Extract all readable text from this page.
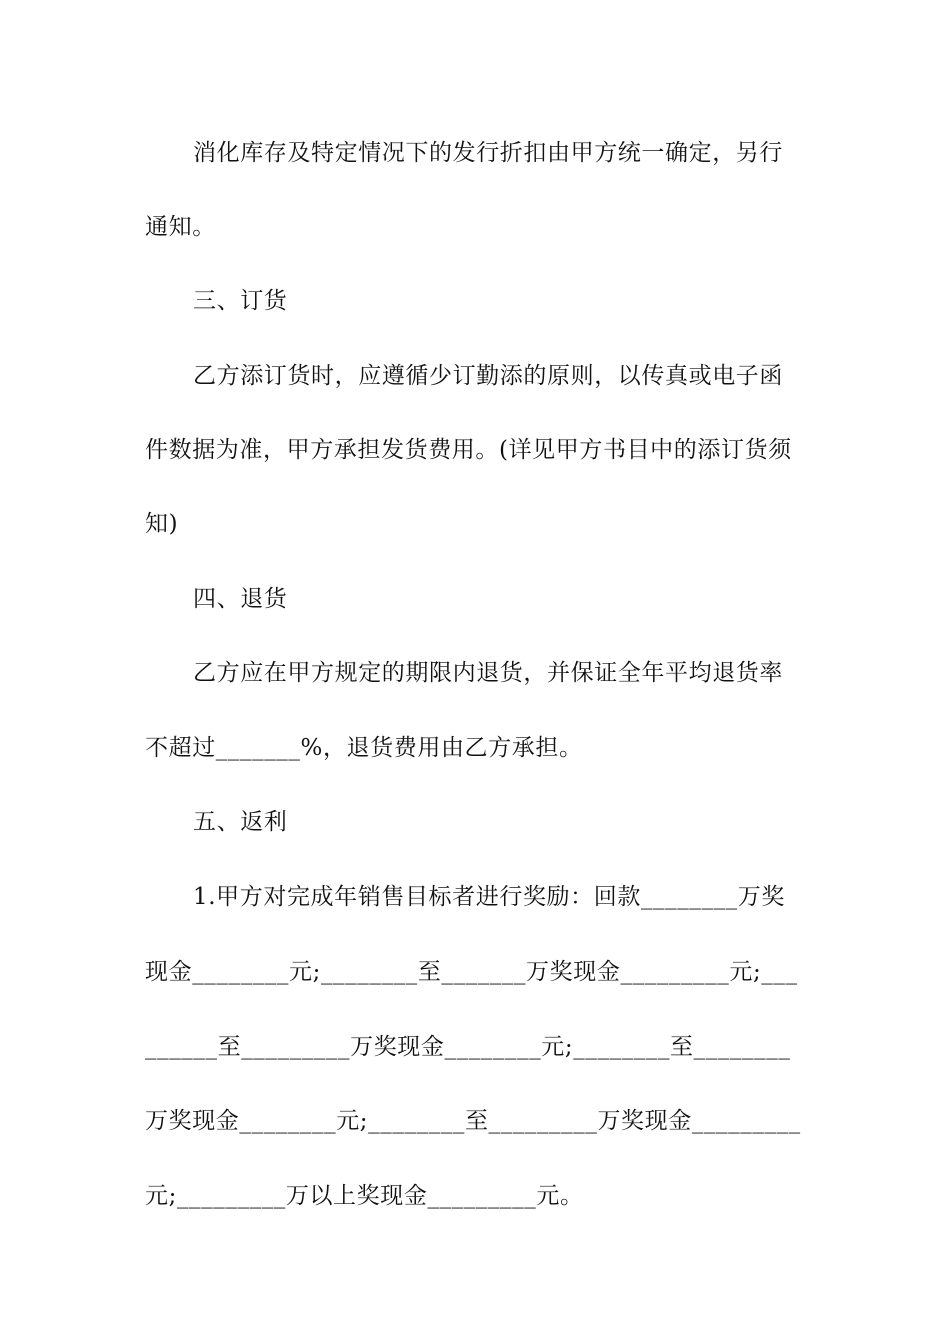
消化库存及特定情况下的发行折扣由甲方统一确定，另行
通知。
三、订货
乙方添订货时，应遵循少订勤添的原则，以传真或电子函
件数据为准，甲方承担发货费用。(详见甲方书目中的添订货须
知)
四、退货
乙方应在甲方规定的期限内退货，并保证全年平均退货率
不超过_______%，退货费用由乙方承担。
五、返利
1.甲方对完成年销售目标者进行奖励：回款________万奖
现金________元;________至_______万奖现金_________元;___
______至_________万奖现金________元;________至________
万奖现金________元;________至_________万奖现金_________
元;_________万以上奖现金_________元。
